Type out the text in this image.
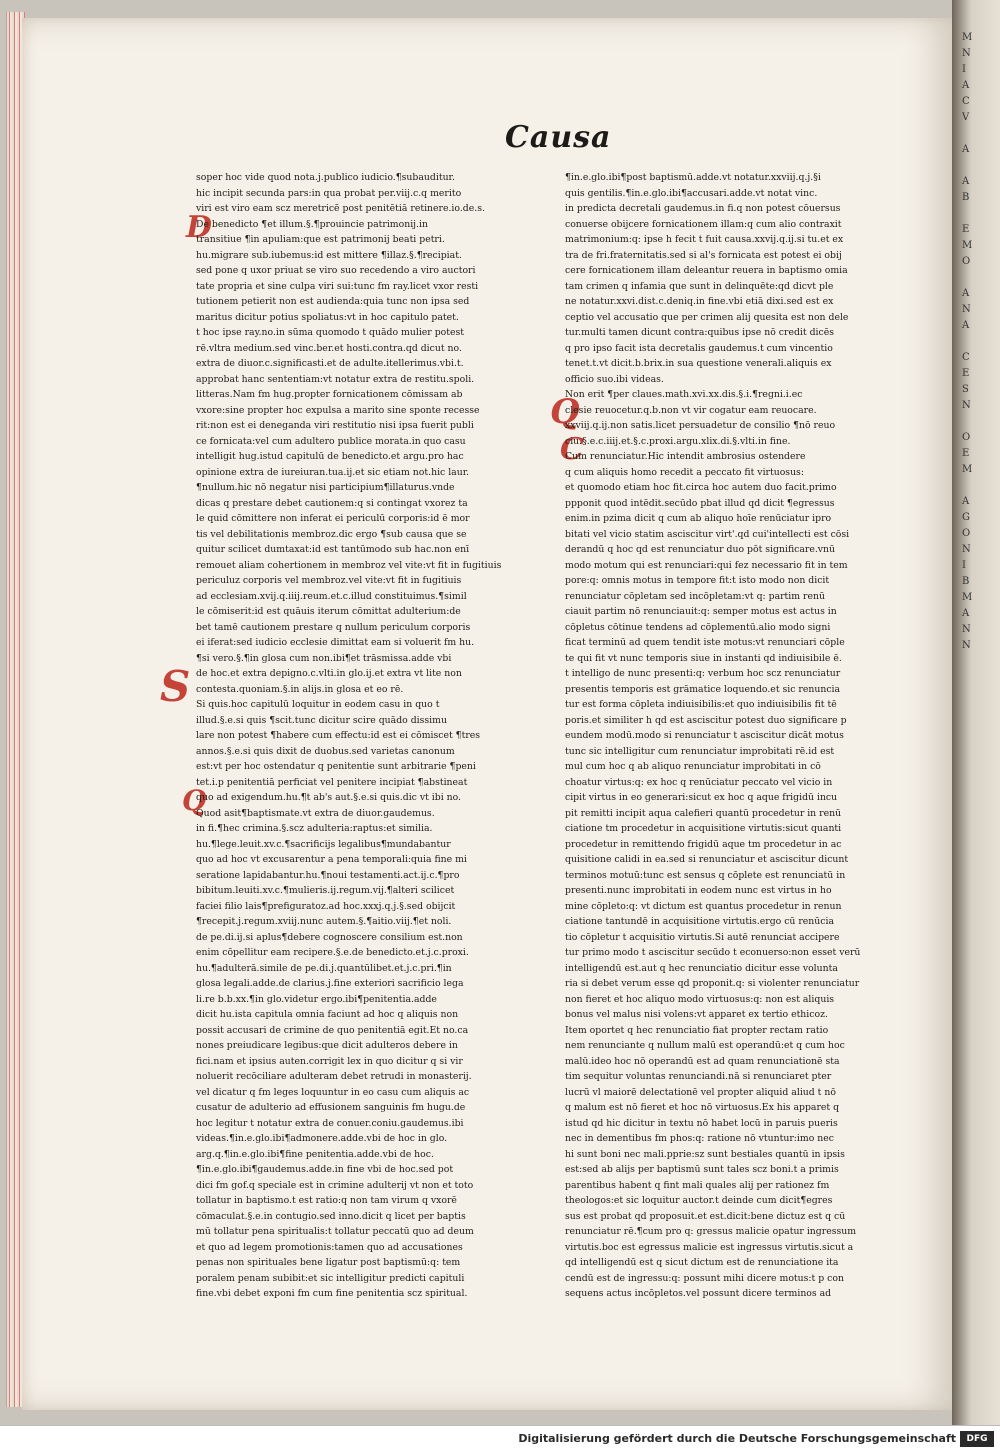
M
N
I
A
C
V

A

A
B

E
M
O

A
N
A

C
E
S
N

O
E
M

A
G
O
N
I
B
M
A
N
N
Causa
D
S
Q
Q
C
soper hoc vide quod nota.j.publico iudicio.¶subauditur.
hic incipit secunda pars:in qua probat per.viij.c.q merito
viri est viro eam scz meretricē post penitētiā retinere.io.de.s.
De benedicto ¶et illum.§.¶prouincie patrimonij.in
transitiue ¶in apuliam:que est patrimonij beati petri.
hu.migrare sub.iubemus:id est mittere ¶illaz.§.¶recipiat.
sed pone q uxor priuat se viro suo recedendo a viro auctori
tate propria et sine culpa viri sui:tunc fm ray.licet vxor resti
tutionem petierit non est audienda:quia tunc non ipsa sed
maritus dicitur potius spoliatus:vt in hoc capitulo patet.
t hoc ipse ray.no.in sūma quomodo t quādo mulier potest
rē.vltra medium.sed vinc.ber.et hosti.contra.qd dicut no.
extra de diuor.c.significasti.et de adulte.itellerimus.vbi.t.
approbat hanc sententiam:vt notatur extra de restitu.spoli.
litteras.Nam fm hug.propter fornicationem cōmissam ab
vxore:sine propter hoc expulsa a marito sine sponte recesse
rit:non est ei deneganda viri restitutio nisi ipsa fuerit publi
ce fornicata:vel cum adultero publice morata.in quo casu
intelligit hug.istud capitulū de benedicto.et argu.pro hac
opinione extra de iureiuran.tua.ij.et sic etiam not.hic laur.
¶nullum.hic nō negatur nisi participium¶illaturus.vnde
dicas q prestare debet cautionem:q si contingat vxorez ta
le quid cōmittere non inferat ei periculū corporis:id ē mor
tis vel debilitationis membroz.dic ergo ¶sub causa que se
quitur scilicet dumtaxat:id est tantūmodo sub hac.non enī
remouet aliam cohertionem in membroz vel vite:vt fit in fugitiuis
periculuz corporis vel membroz.vel vite:vt fit in fugitiuis
ad ecclesiam.xvij.q.iiij.reum.et.c.illud constituimus.¶simil
le cōmiserit:id est quāuis iterum cōmittat adulterium:de
bet tamē cautionem prestare q nullum periculum corporis
ei iferat:sed iudicio ecclesie dimittat eam si voluerit fm hu.
¶si vero.§.¶in glosa cum non.ibi¶et trāsmissa.adde vbi
de hoc.et extra depigno.c.vlti.in glo.ij.et extra vt lite non
contesta.quoniam.§.in alijs.in glosa et eo rē.
Si quis.hoc capitulū loquitur in eodem casu in quo t
illud.§.e.si quis ¶scit.tunc dicitur scire quādo dissimu
lare non potest ¶habere cum effectu:id est ei cōmiscet ¶tres
annos.§.e.si quis dixit de duobus.sed varietas canonum
est:vt per hoc ostendatur q penitentie sunt arbitrarie ¶peni
tet.i.p penitentiā perficiat vel penitere incipiat ¶abstineat
quo ad exigendum.hu.¶t ab's aut.§.e.si quis.dic vt ibi no.
Quod asit¶baptismate.vt extra de diuor.gaudemus.
in fi.¶hec crimina.§.scz adulteria:raptus:et similia.
hu.¶lege.leuit.xv.c.¶sacrificijs legalibus¶mundabantur
quo ad hoc vt excusarentur a pena temporali:quia fine mi
seratione lapidabantur.hu.¶noui testamenti.act.ij.c.¶pro
bibitum.leuiti.xv.c.¶mulieris.ij.regum.vij.¶alteri scilicet
faciei filio lais¶prefiguratoz.ad hoc.xxxj.q.j.§.sed obijcit
¶recepit.j.regum.xviij.nunc autem.§.¶aitio.viij.¶et noli.
de pe.di.ij.si aplus¶debere cognoscere consilium est.non
enim cōpellitur eam recipere.§.e.de benedicto.et.j.c.proxi.
hu.¶adulterā.simile de pe.di.j.quantūlibet.et.j.c.pri.¶in
glosa legali.adde.de clarius.j.fine exteriori sacrificio lega
li.re b.b.xx.¶in glo.videtur ergo.ibi¶penitentia.adde
dicit hu.ista capitula omnia faciunt ad hoc q aliquis non
possit accusari de crimine de quo penitentiā egit.Et no.ca
nones preiudicare legibus:que dicit adulteros debere in
fici.nam et ipsius auten.corrigit lex in quo dicitur q si vir
noluerit recōciliare adulteram debet retrudi in monasterij.
vel dicatur q fm leges loquuntur in eo casu cum aliquis ac
cusatur de adulterio ad effusionem sanguinis fm hugu.de
hoc legitur t notatur extra de conuer.coniu.gaudemus.ibi
videas.¶in.e.glo.ibi¶admonere.adde.vbi de hoc in glo.
arg.q.¶in.e.glo.ibi¶fine penitentia.adde.vbi de hoc.
¶in.e.glo.ibi¶gaudemus.adde.in fine vbi de hoc.sed pot
dici fm gof.q speciale est in crimine adulterij vt non et toto
tollatur in baptismo.t est ratio:q non tam virum q vxorē
cōmaculat.§.e.in contugio.sed inno.dicit q licet per baptis
mū tollatur pena spiritualis:t tollatur peccatū quo ad deum
et quo ad legem promotionis:tamen quo ad accusationes
penas non spirituales bene ligatur post baptismū:q: tem
poralem penam subibit:et sic intelligitur predicti capituli
fine.vbi debet exponi fm cum fine penitentia scz spiritual.
¶in.e.glo.ibi¶post baptismū.adde.vt notatur.xxviij.q.j.§i
quis gentilis.¶in.e.glo.ibi¶accusari.adde.vt notat vinc.
in predicta decretali gaudemus.in fi.q non potest cōuersus
conuerse obijcere fornicationem illam:q cum alio contraxit
matrimonium:q: ipse h fecit t fuit causa.xxvij.q.ij.si tu.et ex
tra de fri.fraternitatis.sed si al's fornicata est potest ei obij
cere fornicationem illam deleantur reuera in baptismo omia
tam crimen q infamia que sunt in delinquēte:qd dicvt ple
ne notatur.xxvi.dist.c.deniq.in fine.vbi etiā dixi.sed est ex
ceptio vel accusatio que per crimen alij quesita est non dele
tur.multi tamen dicunt contra:quibus ipse nō credit dicēs
q pro ipso facit ista decretalis gaudemus.t cum vincentio
tenet.t.vt dicit.b.brix.in sua questione venerali.aliquis ex
officio suo.ibi videas.
Non erit ¶per claues.math.xvi.xx.dis.§.i.¶regni.i.ec
clesie reuocetur.q.b.non vt vir cogatur eam reuocare.
xxviij.q.ij.non satis.licet persuadetur de consilio ¶nō reuo
ciu.§.e.c.iiij.et.§.c.proxi.argu.xlix.di.§.vlti.in fine.
Cum renunciatur.Hic intendit ambrosius ostendere
q cum aliquis homo recedit a peccato fit virtuosus:
et quomodo etiam hoc fit.circa hoc autem duo facit.primo
ppponit quod intēdit.secūdo pbat illud qd dicit ¶egressus
enim.in pzima dicit q cum ab aliquo hoīe renūciatur ipro
bitati vel vicio statim asciscitur virt'.qd cui'intellecti est cōsi
derandū q hoc qd est renunciatur duo pōt significare.vnū
modo motum qui est renunciari:qui fez necessario fit in tem
pore:q: omnis motus in tempore fit:t isto modo non dicit
renunciatur cōpletam sed incōpletam:vt q: partim renū
ciauit partim nō renunciauit:q: semper motus est actus in
cōpletus cōtinue tendens ad cōplementū.alio modo signi
ficat terminū ad quem tendit iste motus:vt renunciari cōple
te qui fit vt nunc temporis siue in instanti qd indiuisibile ē.
t intelligo de nunc presenti:q: verbum hoc scz renunciatur
presentis temporis est grāmatice loquendo.et sic renuncia
tur est forma cōpleta indiuisibilis:et quo indiuisibilis fit tē
poris.et similiter h qd est asciscitur potest duo significare p
eundem modū.modo si renunciatur t asciscitur dicāt motus
tunc sic intelligitur cum renunciatur improbitati rē.id est
mul cum hoc q ab aliquo renunciatur improbitati in cō
choatur virtus:q: ex hoc q renūciatur peccato vel vicio in
cipit virtus in eo generari:sicut ex hoc q aque frigidū incu
pit remitti incipit aqua calefieri quantū procedetur in renū
ciatione tm procedetur in acquisitione virtutis:sicut quanti
procedetur in remittendo frigidū aque tm procedetur in ac
quisitione calidi in ea.sed si renunciatur et asciscitur dicunt
terminos motuū:tunc est sensus q cōplete est renunciatū in
presenti.nunc improbitati in eodem nunc est virtus in ho
mine cōpleto:q: vt dictum est quantus procedetur in renun
ciatione tantundē in acquisitione virtutis.ergo cū renūcia
tio cōpletur t acquisitio virtutis.Si autē renunciat accipere
tur primo modo t asciscitur secūdo t econuerso:non esset verū
intelligendū est.aut q hec renunciatio dicitur esse volunta
ria si debet verum esse qd proponit.q: si violenter renunciatur
non fieret et hoc aliquo modo virtuosus:q: non est aliquis
bonus vel malus nisi volens:vt apparet ex tertio ethicoz.
Item oportet q hec renunciatio fiat propter rectam ratio
nem renunciante q nullum malū est operandū:et q cum hoc
malū.ideo hoc nō operandū est ad quam renunciationē sta
tim sequitur voluntas renunciandi.nā si renunciaret pter
lucrū vl maiorē delectationē vel propter aliquid aliud t nō
q malum est nō fieret et hoc nō virtuosus.Ex his apparet q
istud qd hic dicitur in textu nō habet locū in paruis pueris
nec in dementibus fm phos:q: ratione nō vtuntur:imo nec
hi sunt boni nec mali.pprie:sz sunt bestiales quantū in ipsis
est:sed ab alijs per baptismū sunt tales scz boni.t a primis
parentibus habent q fint mali quales alij per rationez fm
theologos:et sic loquitur auctor.t deinde cum dicit¶egres
sus est probat qd proposuit.et est.dicit:bene dictuz est q cū
renunciatur rē.¶cum pro q: gressus malicie opatur ingressum
virtutis.boc est egressus malicie est ingressus virtutis.sicut a
qd intelligendū est q sicut dictum est de renunciatione ita
cendū est de ingressu:q: possunt mihi dicere motus:t p con
sequens actus incōpletos.vel possunt dicere terminos ad
Digitalisierung gefördert durch die Deutsche Forschungsgemeinschaft	DFG
